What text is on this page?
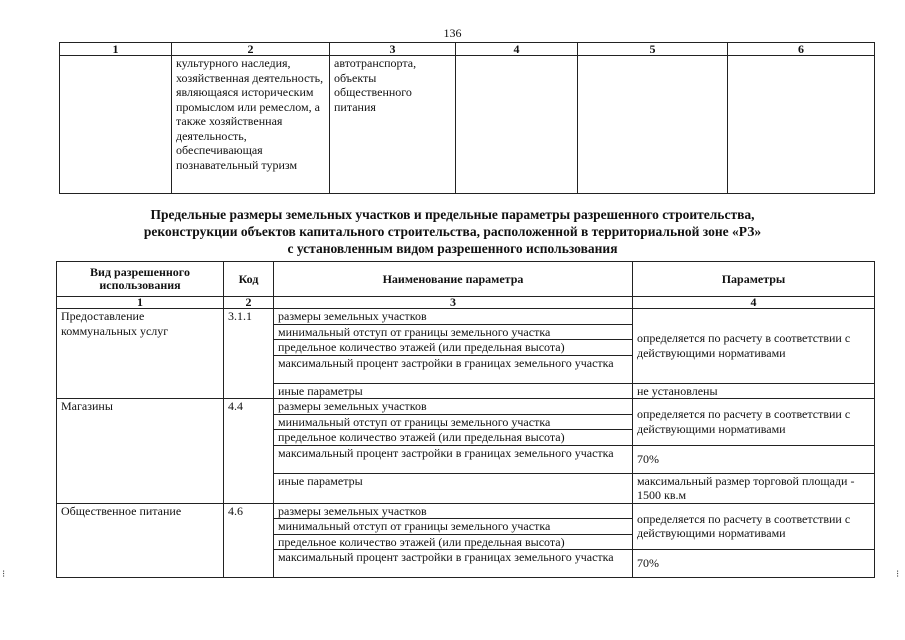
136
1	2	3	4	5	6
	культурного наследия, хозяйственная деятельность, являющаяся историческим промыслом или ремеслом, а также хозяйственная деятельность, обеспечивающая познавательный туризм	автотранспорта, объекты общественного питания			
Предельные размеры земельных участков и предельные параметры разрешенного строительства,
реконструкции объектов капитального строительства, расположенной в территориальной зоне «РЗ»
с установленным видом разрешенного использования
Вид разрешенного использования	Код	Наименование параметра	Параметры
1	2	3	4
Предоставление коммунальных услуг	3.1.1	размеры земельных участков	определяется по расчету в соответствии с действующими нормативами
		минимальный отступ от границы земельного участка	
		предельное количество этажей (или предельная высота)	
		максимальный процент застройки в границах земельного участка	
		иные параметры	не установлены
Магазины	4.4	размеры земельных участков	определяется по расчету в соответствии с действующими нормативами
		минимальный отступ от границы земельного участка	
		предельное количество этажей (или предельная высота)	
		максимальный процент застройки в границах земельного участка	70%
		иные параметры	максимальный размер торговой площади - 1500 кв.м
Общественное питание	4.6	размеры земельных участков	определяется по расчету в соответствии с действующими нормативами
		минимальный отступ от границы земельного участка	
		предельное количество этажей (или предельная высота)	
		максимальный процент застройки в границах земельного участка	70%
⁝	⁝
